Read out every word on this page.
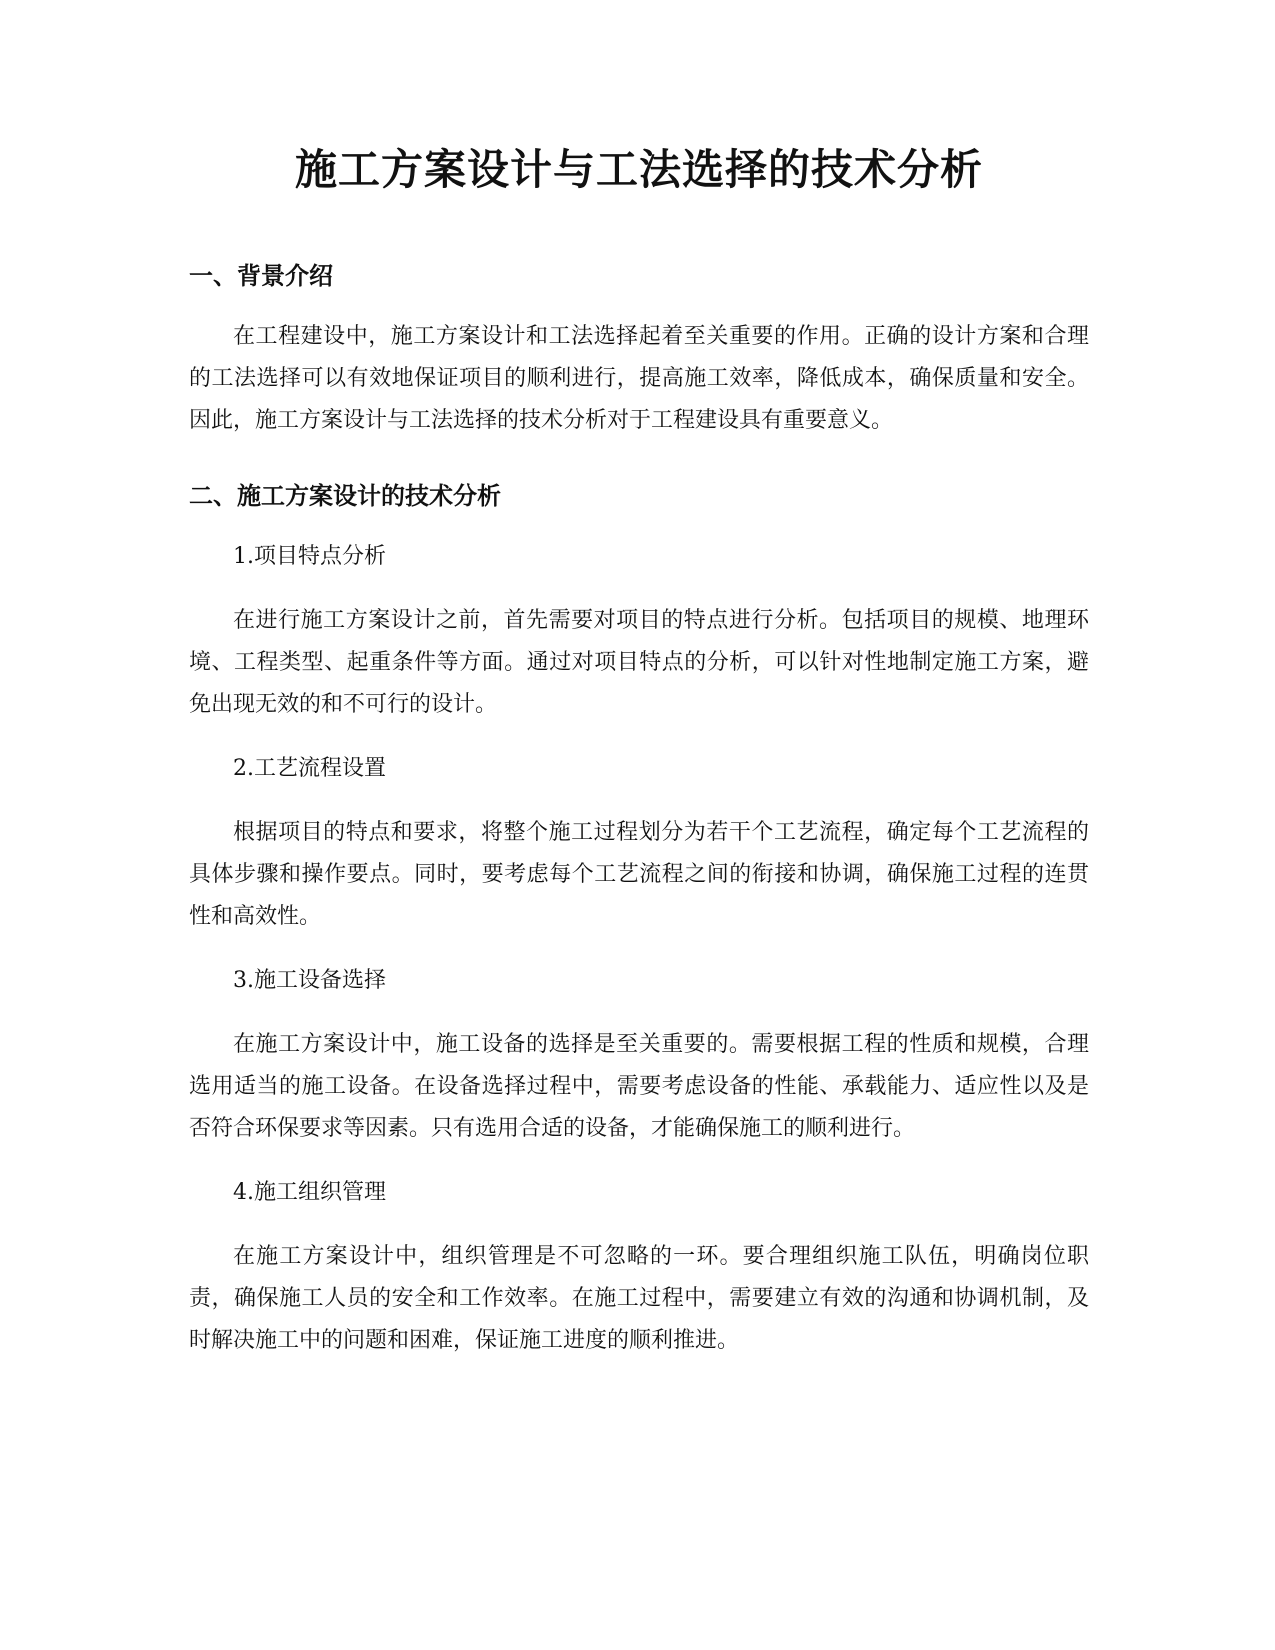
施工方案设计与工法选择的技术分析
一、背景介绍

在工程建设中，施工方案设计和工法选择起着至关重要的作用。正确的设计方案和合理的工法选择可以有效地保证项目的顺利进行，提高施工效率，降低成本，确保质量和安全。因此，施工方案设计与工法选择的技术分析对于工程建设具有重要意义。

二、施工方案设计的技术分析

1.项目特点分析

在进行施工方案设计之前，首先需要对项目的特点进行分析。包括项目的规模、地理环境、工程类型、起重条件等方面。通过对项目特点的分析，可以针对性地制定施工方案，避免出现无效的和不可行的设计。

2.工艺流程设置

根据项目的特点和要求，将整个施工过程划分为若干个工艺流程，确定每个工艺流程的具体步骤和操作要点。同时，要考虑每个工艺流程之间的衔接和协调，确保施工过程的连贯性和高效性。

3.施工设备选择

在施工方案设计中，施工设备的选择是至关重要的。需要根据工程的性质和规模，合理选用适当的施工设备。在设备选择过程中，需要考虑设备的性能、承载能力、适应性以及是否符合环保要求等因素。只有选用合适的设备，才能确保施工的顺利进行。

4.施工组织管理

在施工方案设计中，组织管理是不可忽略的一环。要合理组织施工队伍，明确岗位职责，确保施工人员的安全和工作效率。在施工过程中，需要建立有效的沟通和协调机制，及时解决施工中的问题和困难，保证施工进度的顺利推进。
